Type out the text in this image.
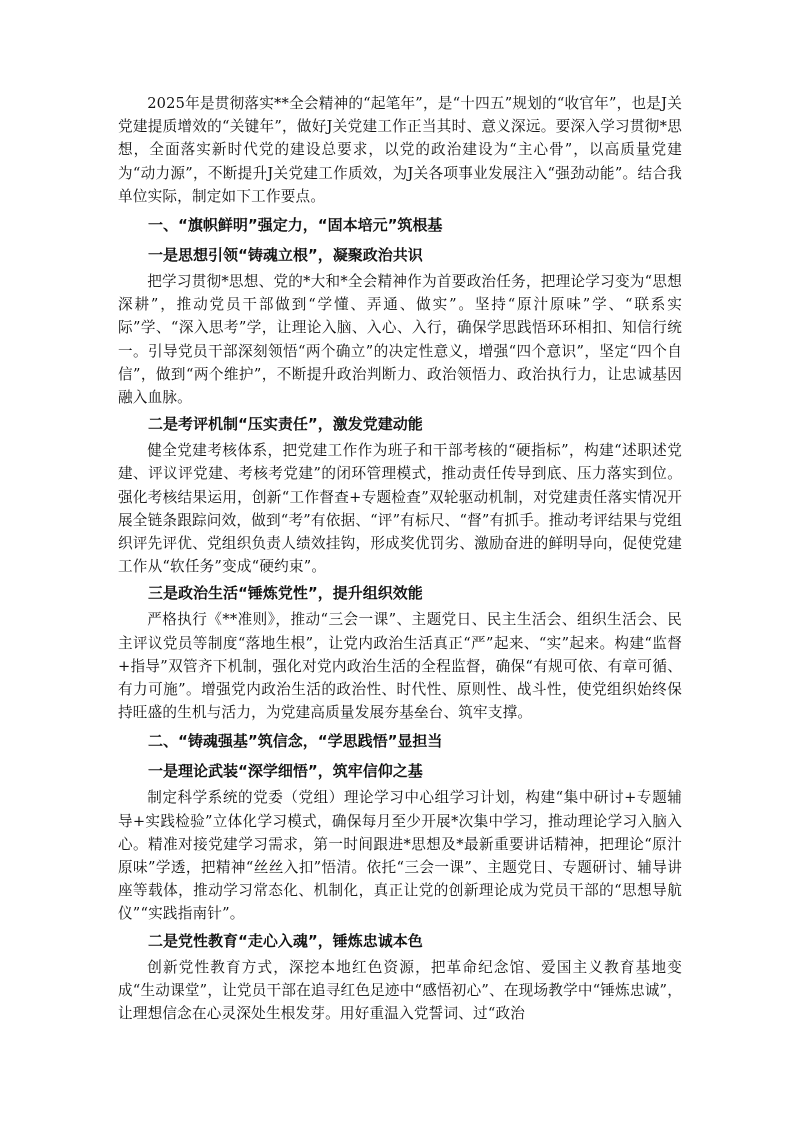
2025年是贯彻落实**全会精神的“起笔年”，是“十四五”规划的“收官年”，也是J关党建提质增效的“关键年”，做好J关党建工作正当其时、意义深远。要深入学习贯彻*思想，全面落实新时代党的建设总要求，以党的政治建设为“主心骨”，以高质量党建为“动力源”，不断提升J关党建工作质效，为J关各项事业发展注入“强劲动能”。结合我单位实际，制定如下工作要点。

一、“旗帜鲜明”强定力，“固本培元”筑根基

一是思想引领“铸魂立根”，凝聚政治共识

把学习贯彻*思想、党的*大和*全会精神作为首要政治任务，把理论学习变为“思想深耕”，推动党员干部做到“学懂、弄通、做实”。坚持“原汁原味”学、“联系实际”学、“深入思考”学，让理论入脑、入心、入行，确保学思践悟环环相扣、知信行统一。引导党员干部深刻领悟“两个确立”的决定性意义，增强“四个意识”，坚定“四个自信”，做到“两个维护”，不断提升政治判断力、政治领悟力、政治执行力，让忠诚基因融入血脉。

二是考评机制“压实责任”，激发党建动能

健全党建考核体系，把党建工作作为班子和干部考核的“硬指标”，构建“述职述党建、评议评党建、考核考党建”的闭环管理模式，推动责任传导到底、压力落实到位。强化考核结果运用，创新“工作督查+专题检查”双轮驱动机制，对党建责任落实情况开展全链条跟踪问效，做到“考”有依据、“评”有标尺、“督”有抓手。推动考评结果与党组织评先评优、党组织负责人绩效挂钩，形成奖优罚劣、激励奋进的鲜明导向，促使党建工作从“软任务”变成“硬约束”。

三是政治生活“锤炼党性”，提升组织效能

严格执行《**准则》，推动“三会一课”、主题党日、民主生活会、组织生活会、民主评议党员等制度“落地生根”，让党内政治生活真正“严”起来、“实”起来。构建“监督+指导”双管齐下机制，强化对党内政治生活的全程监督，确保“有规可依、有章可循、有力可施”。增强党内政治生活的政治性、时代性、原则性、战斗性，使党组织始终保持旺盛的生机与活力，为党建高质量发展夯基垒台、筑牢支撑。

二、“铸魂强基”筑信念，“学思践悟”显担当

一是理论武装“深学细悟”，筑牢信仰之基

制定科学系统的党委（党组）理论学习中心组学习计划，构建“集中研讨+专题辅导+实践检验”立体化学习模式，确保每月至少开展*次集中学习，推动理论学习入脑入心。精准对接党建学习需求，第一时间跟进*思想及*最新重要讲话精神，把理论“原汁原味”学透，把精神“丝丝入扣”悟清。依托“三会一课”、主题党日、专题研讨、辅导讲座等载体，推动学习常态化、机制化，真正让党的创新理论成为党员干部的“思想导航仪”“实践指南针”。

二是党性教育“走心入魂”，锤炼忠诚本色

创新党性教育方式，深挖本地红色资源，把革命纪念馆、爱国主义教育基地变成“生动课堂”，让党员干部在追寻红色足迹中“感悟初心”、在现场教学中“锤炼忠诚”，让理想信念在心灵深处生根发芽。用好重温入党誓词、过“政治
